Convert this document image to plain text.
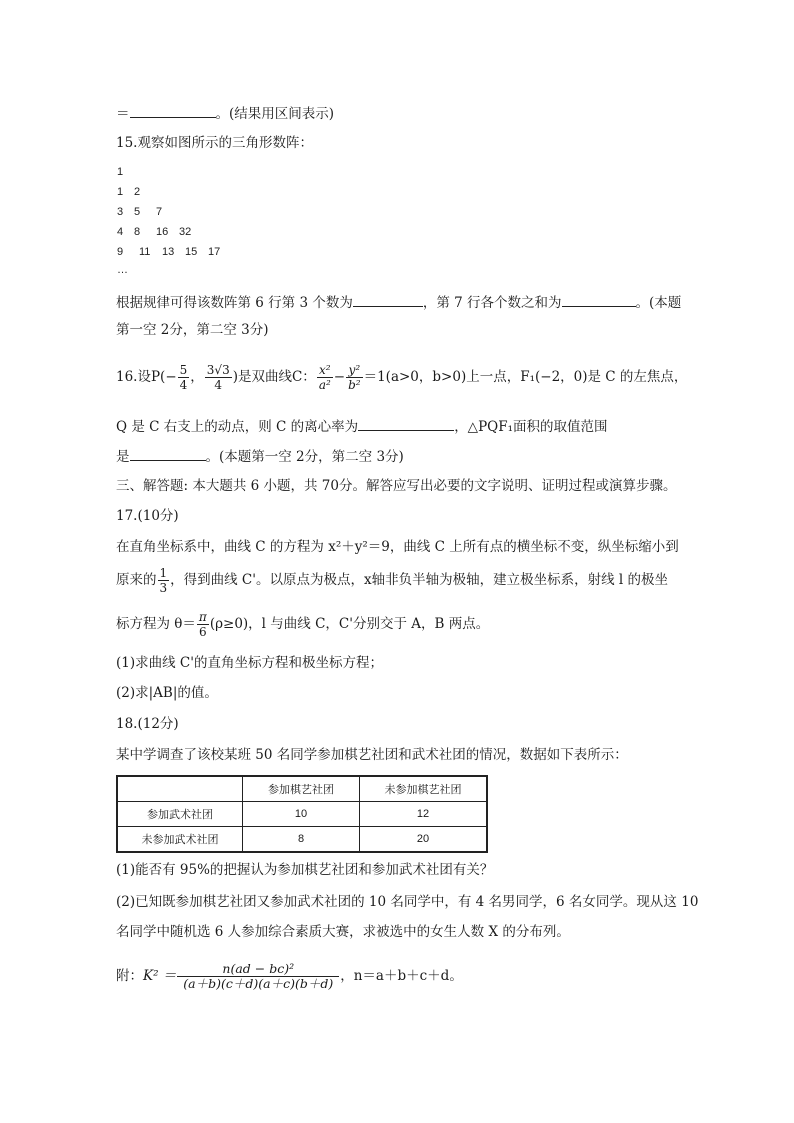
＝	。(结果用区间表示)
15.观察如图所示的三角形数阵：
1
1 2
3 5 7
4 8 16 32
9 11 13 15 17
…
根据规律可得该数阵第 6 行第 3 个数为	，第 7 行各个数之和为	。(本题
第一空 2分，第二空 3分)
16.设$P(- \frac{5}{4}$ ， $\frac{3√3}{4}$ )是双曲线C： $\frac{\text{x²}}{\text{a²}} - \frac{\text{y²}}{\text{b²}} =1(a>0$，b>0)上一点，F₁(−2，0)是 C 的左焦点，
Q 是 C 右支上的动点，则 C 的离心率为	，△PQF₁面积的取值范围
是	。(本题第一空 2分，第二空 3分)
三、解答题: 本大题共 6 小题，共 70分。解答应写出必要的文字说明、证明过程或演算步骤。
17.(10分)
在直角坐标系中，曲线 C 的方程为 x²＋y²＝9，曲线 C 上所有点的横坐标不变，纵坐标缩小到
原来的 $\frac{1}{3}$ ，得到曲线 C'。以原点为极点，x轴非负半轴为极轴，建立极坐标系，射线 l 的极坐
标方程为 $\theta= \frac{\pi}{6} (\rho\ge 0)$，l 与曲线 C，C'分别交于 A，B 两点。
(1)求曲线 C'的直角坐标方程和极坐标方程；
(2)求|AB|的值。
18.(12分)
某中学调查了该校某班 50 名同学参加棋艺社团和武术社团的情况，数据如下表所示：
	参加棋艺社团	未参加棋艺社团
参加武术社团	10	12
未参加武术社团	8	20
(1)能否有 95%的把握认为参加棋艺社团和参加武术社团有关？
(2)已知既参加棋艺社团又参加武术社团的 10 名同学中，有 4 名男同学，6 名女同学。现从这 10
名同学中随机选 6 人参加综合素质大赛，求被选中的女生人数 X 的分布列。
附：$K^2 = \frac{\text{n(ad − bc)²}}{(a+b)(c+d)(a+c)(b+d)}$ ，n＝a＋b＋c＋d。
